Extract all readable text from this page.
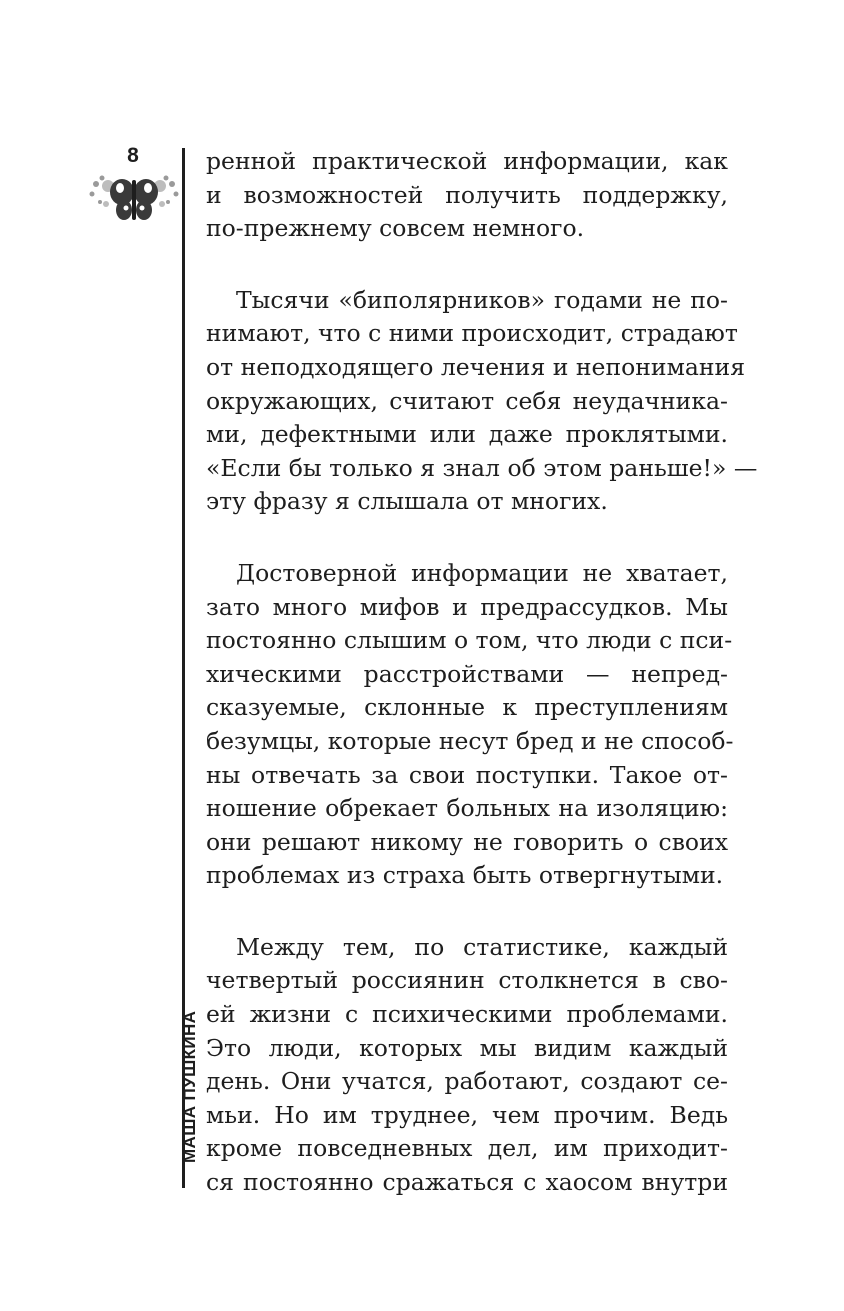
8
МАША ПУШКИНА
ренной практической информации, как
и возможностей получить поддержку,
по-прежнему совсем немного.
Тысячи «биполярников» годами не по-
нимают, что с ними происходит, страдают
от неподходящего лечения и непонимания
окружающих, считают себя неудачника-
ми, дефектными или даже проклятыми.
«Если бы только я знал об этом раньше!» —
эту фразу я слышала от многих.
Достоверной информации не хватает,
зато много мифов и предрассудков. Мы
постоянно слышим о том, что люди с пси-
хическими расстройствами — непред-
сказуемые, склонные к преступлениям
безумцы, которые несут бред и не способ-
ны отвечать за свои поступки. Такое от-
ношение обрекает больных на изоляцию:
они решают никому не говорить о своих
проблемах из страха быть отвергнутыми.
Между тем, по статистике, каждый
четвертый россиянин столкнется в сво-
ей жизни с психическими проблемами.
Это люди, которых мы видим каждый
день. Они учатся, работают, создают се-
мьи. Но им труднее, чем прочим. Ведь
кроме повседневных дел, им приходит-
ся постоянно сражаться с хаосом внутри
